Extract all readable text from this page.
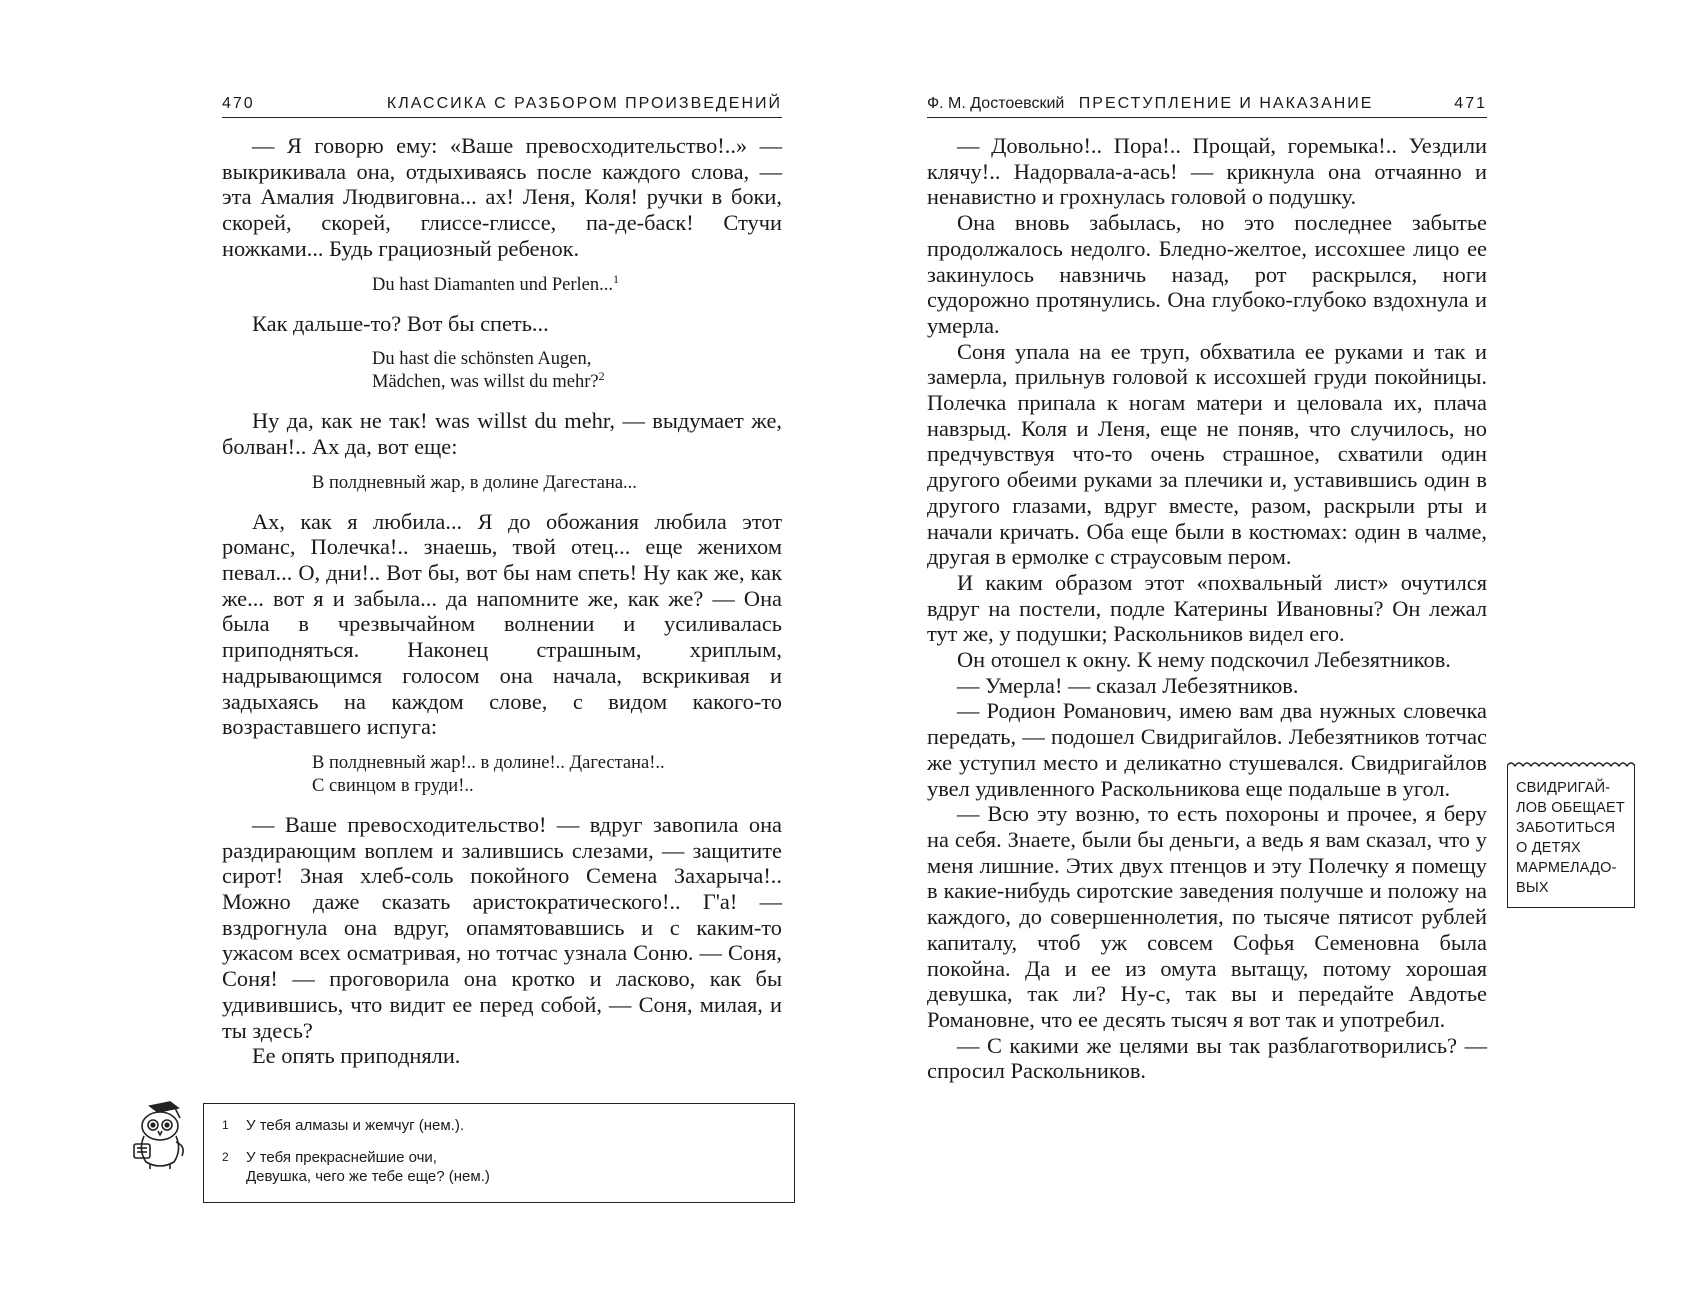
470	КЛАССИКА С РАЗБОРОМ ПРОИЗВЕДЕНИЙ

— Я говорю ему: «Ваше превосходительство!..» — выкрикивала она, отдыхиваясь после каждого слова, — эта Амалия Людвиговна... ах! Леня, Коля! ручки в боки, скорей, скорей, глиссе-глиссе, па-де-баск! Стучи ножками... Будь грациозный ребенок.

Du hast Diamanten und Perlen...$^1$

Как дальше-то? Вот бы спеть...

Du hast die schönsten Augen,
Mädchen, was willst du mehr?$^2$

Ну да, как не так! was willst du mehr, — выдумает же, болван!.. Ах да, вот еще:

В полдневный жар, в долине Дагестана...

Ах, как я любила... Я до обожания любила этот романс, Полечка!.. знаешь, твой отец... еще женихом певал... О, дни!.. Вот бы, вот бы нам спеть! Ну как же, как же... вот я и забыла... да напомните же, как же? — Она была в чрезвычайном волнении и усиливалась приподняться. Наконец страшным, хриплым, надрывающимся голосом она начала, вскрикивая и задыхаясь на каждом слове, с видом какого-то возраставшего испуга:

В полдневный жар!.. в долине!.. Дагестана!..
С свинцом в груди!..

— Ваше превосходительство! — вдруг завопила она раздирающим воплем и залившись слезами, — защитите сирот! Зная хлеб-соль покойного Семена Захарыча!.. Можно даже сказать аристократического!.. Г'а! — вздрогнула она вдруг, опамятовавшись и с каким-то ужасом всех осматривая, но тотчас узнала Соню. — Соня, Соня! — проговорила она кротко и ласково, как бы удивившись, что видит ее перед собой, — Соня, милая, и ты здесь?

Ее опять приподняли.

1	У тебя алмазы и жемчуг (нем.).
2	У тебя прекраснейшие очи,
Девушка, чего же тебе еще? (нем.)
Ф. М. Достоевский ПРЕСТУПЛЕНИЕ И НАКАЗАНИЕ	471

— Довольно!.. Пора!.. Прощай, горемыка!.. Уездили клячу!.. Надорвала-а-ась! — крикнула она отчаянно и ненавистно и грохнулась головой о подушку.

Она вновь забылась, но это последнее забытье продолжалось недолго. Бледно-желтое, иссохшее лицо ее закинулось навзничь назад, рот раскрылся, ноги судорожно протянулись. Она глубоко-глубоко вздохнула и умерла.

Соня упала на ее труп, обхватила ее руками и так и замерла, прильнув головой к иссохшей груди покойницы. Полечка припала к ногам матери и целовала их, плача навзрыд. Коля и Леня, еще не поняв, что случилось, но предчувствуя что-то очень страшное, схватили один другого обеими руками за плечики и, уставившись один в другого глазами, вдруг вместе, разом, раскрыли рты и начали кричать. Оба еще были в костюмах: один в чалме, другая в ермолке с страусовым пером.

И каким образом этот «похвальный лист» очутился вдруг на постели, подле Катерины Ивановны? Он лежал тут же, у подушки; Раскольников видел его.

Он отошел к окну. К нему подскочил Лебезятников.

— Умерла! — сказал Лебезятников.

— Родион Романович, имею вам два нужных словечка передать, — подошел Свидригайлов. Лебезятников тотчас же уступил место и деликатно стушевался. Свидригайлов увел удивленного Раскольникова еще подальше в угол.

— Всю эту возню, то есть похороны и прочее, я беру на себя. Знаете, были бы деньги, а ведь я вам сказал, что у меня лишние. Этих двух птенцов и эту Полечку я помещу в какие-нибудь сиротские заведения получше и положу на каждого, до совершеннолетия, по тысяче пятисот рублей капиталу, чтоб уж совсем Софья Семеновна была покойна. Да и ее из омута вытащу, потому хорошая девушка, так ли? Ну-с, так вы и передайте Авдотье Романовне, что ее десять тысяч я вот так и употребил.

— С какими же целями вы так разблаготворились? — спросил Раскольников.

СВИДРИГАЙ-
ЛОВ ОБЕЩАЕТ
ЗАБОТИТЬСЯ
О ДЕТЯХ
МАРМЕЛАДО-
ВЫХ
